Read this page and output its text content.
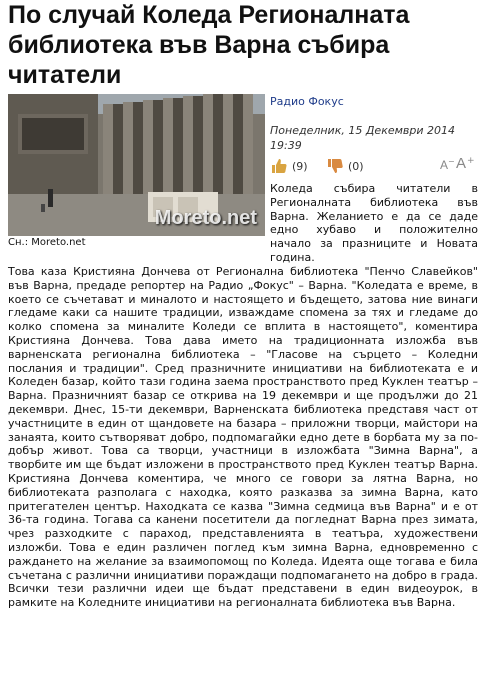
По случай Коледа Регионалната библиотека във Варна събира читатели
Moreto.net
Сн.: Moreto.net
Радио Фокус
Понеделник, 15 Декември 2014 19:39
(9)	(0)	A − A +

Коледа събира читатели в Регионалната библиотека във Варна. Желанието е да се даде едно хубаво и положително начало за празниците и Новата година.

Това каза Кристияна Дончева от Регионална библиотека "Пенчо Славейков" във Варна, предаде репортер на Радио „Фокус" – Варна. "Коледата е време, в което се съчетават и миналото и настоящето и бъдещето, затова ние винаги гледаме каки са нашите традиции, изваждаме спомена за тях и гледаме до колко спомена за миналите Коледи се вплита в настоящето", коментира Кристияна Дончева. Това дава името на традиционната изложба във варненската регионална библиотека – "Гласове на сърцето – Коледни послания и традиции". Сред празничните инициативи на библиотеката е и Коледен базар, който тази година заема пространството пред Куклен театър – Варна. Празничният базар се открива на 19 декември и ще продължи до 21 декември. Днес, 15-ти декември, Варненската библиотека представя част от участниците в един от щандовете на базара – приложни творци, майстори на занаята, които сътворяват добро, подпомагайки едно дете в борбата му за по-добър живот. Това са творци, участници в изложбата "Зимна Варна", а творбите им ще бъдат изложени в пространството пред Куклен театър Варна. Кристияна Дончева коментира, че много се говори за лятна Варна, но библиотеката разполага с находка, която разказва за зимна Варна, като притегателен център. Находката се казва "Зимна седмица във Варна" и е от 36-та година. Тогава са канени посетители да погледнат Варна през зимата, чрез разходките с параход, представленията в театъра, художествени изложби. Това е един различен поглед към зимна Варна, едновременно с раждането на желание за взаимопомощ по Коледа. Идеята още тогава е била съчетана с различни инициативи пораждащи подпомагането на добро в града. Всички тези различни идеи ще бъдат представени в един видеоурок, в рамките на Коледните инициативи на регионалната библиотека във Варна.
